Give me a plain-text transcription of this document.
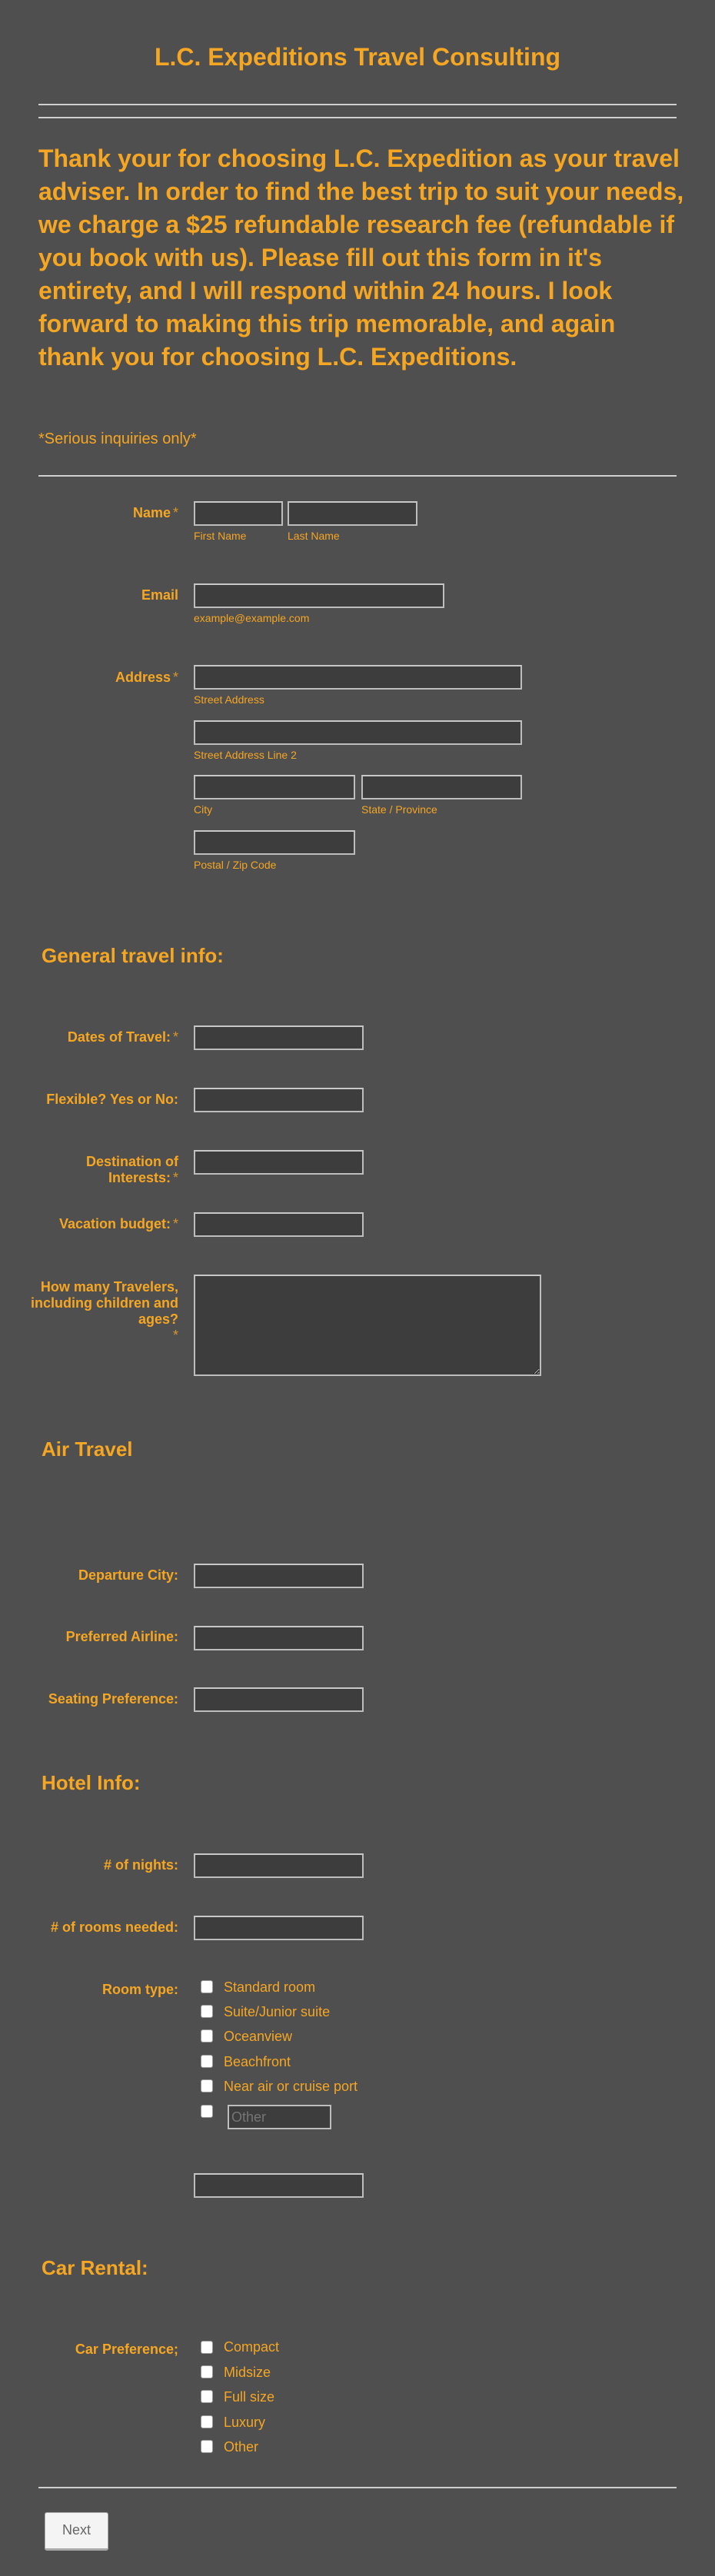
L.C. Expeditions Travel Consulting
Thank your for choosing L.C. Expedition as your travel adviser. In order to find the best trip to suit your needs, we charge a $25 refundable research fee (refundable if you book with us). Please fill out this form in it's entirety, and I will respond within 24 hours. I look forward to making this trip memorable, and again thank you for choosing L.C. Expeditions.
*Serious inquiries only*
Name *
First Name	Last Name
Email
example@example.com
Address *
Street Address
Street Address Line 2
City	State / Province
Postal / Zip Code
General travel info:
Dates of Travel: *
Flexible? Yes or No:
Destination of Interests: *
Vacation budget: *
How many Travelers, including children and ages?
*
Air Travel
Departure City:
Preferred Airline:
Seating Preference:
Hotel Info:
# of nights:
# of rooms needed:
Room type:	Standard room
Suite/Junior suite
Oceanview
Beachfront
Near air or cruise port
Other
Car Rental:
Car Preference;	Compact
Midsize
Full size
Luxury
Other
Next
